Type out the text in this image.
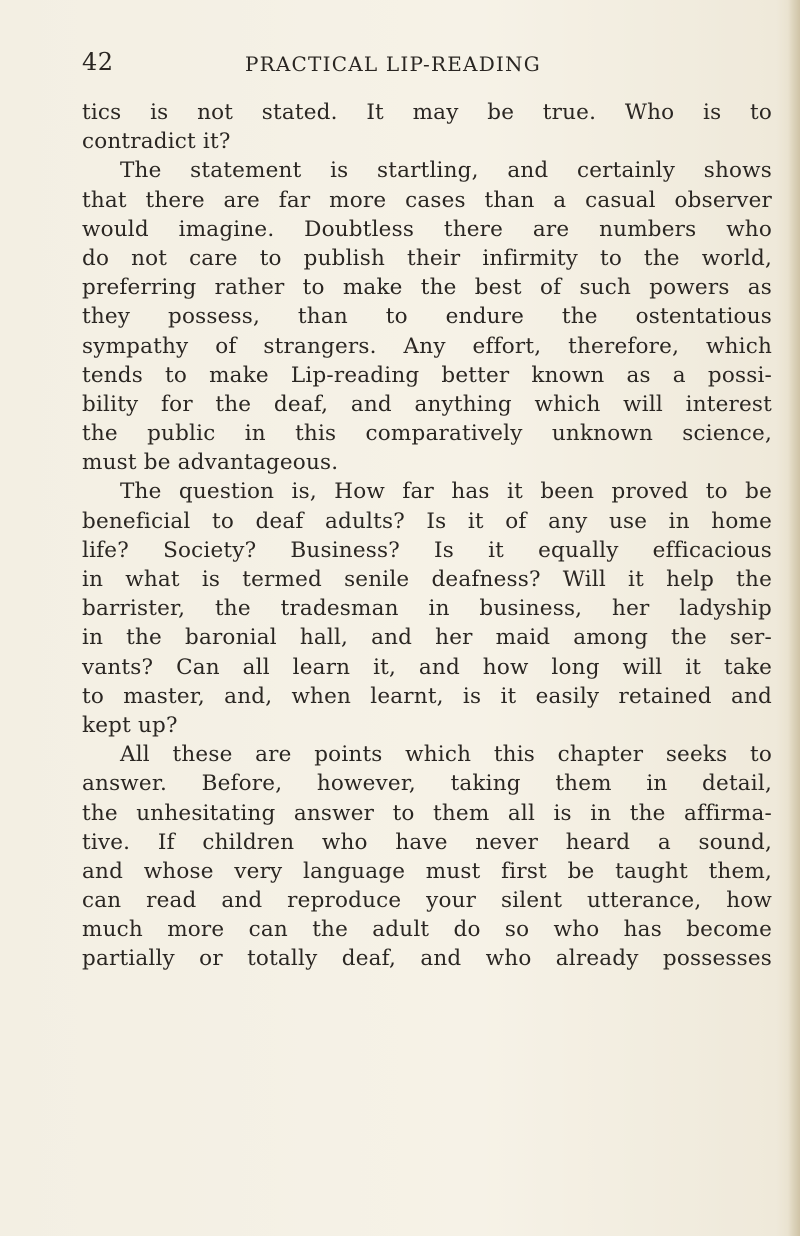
42	PRACTICAL LIP-READING
tics is not stated. It may be true. Who is to
contradict it?
The statement is startling, and certainly shows
that there are far more cases than a casual observer
would imagine. Doubtless there are numbers who
do not care to publish their infirmity to the world,
preferring rather to make the best of such powers as
they possess, than to endure the ostentatious
sympathy of strangers. Any effort, therefore, which
tends to make Lip-reading better known as a possi-
bility for the deaf, and anything which will interest
the public in this comparatively unknown science,
must be advantageous.
The question is, How far has it been proved to be
beneficial to deaf adults? Is it of any use in home
life? Society? Business? Is it equally efficacious
in what is termed senile deafness? Will it help the
barrister, the tradesman in business, her ladyship
in the baronial hall, and her maid among the ser-
vants? Can all learn it, and how long will it take
to master, and, when learnt, is it easily retained and
kept up?
All these are points which this chapter seeks to
answer. Before, however, taking them in detail,
the unhesitating answer to them all is in the affirma-
tive. If children who have never heard a sound,
and whose very language must first be taught them,
can read and reproduce your silent utterance, how
much more can the adult do so who has become
partially or totally deaf, and who already possesses
